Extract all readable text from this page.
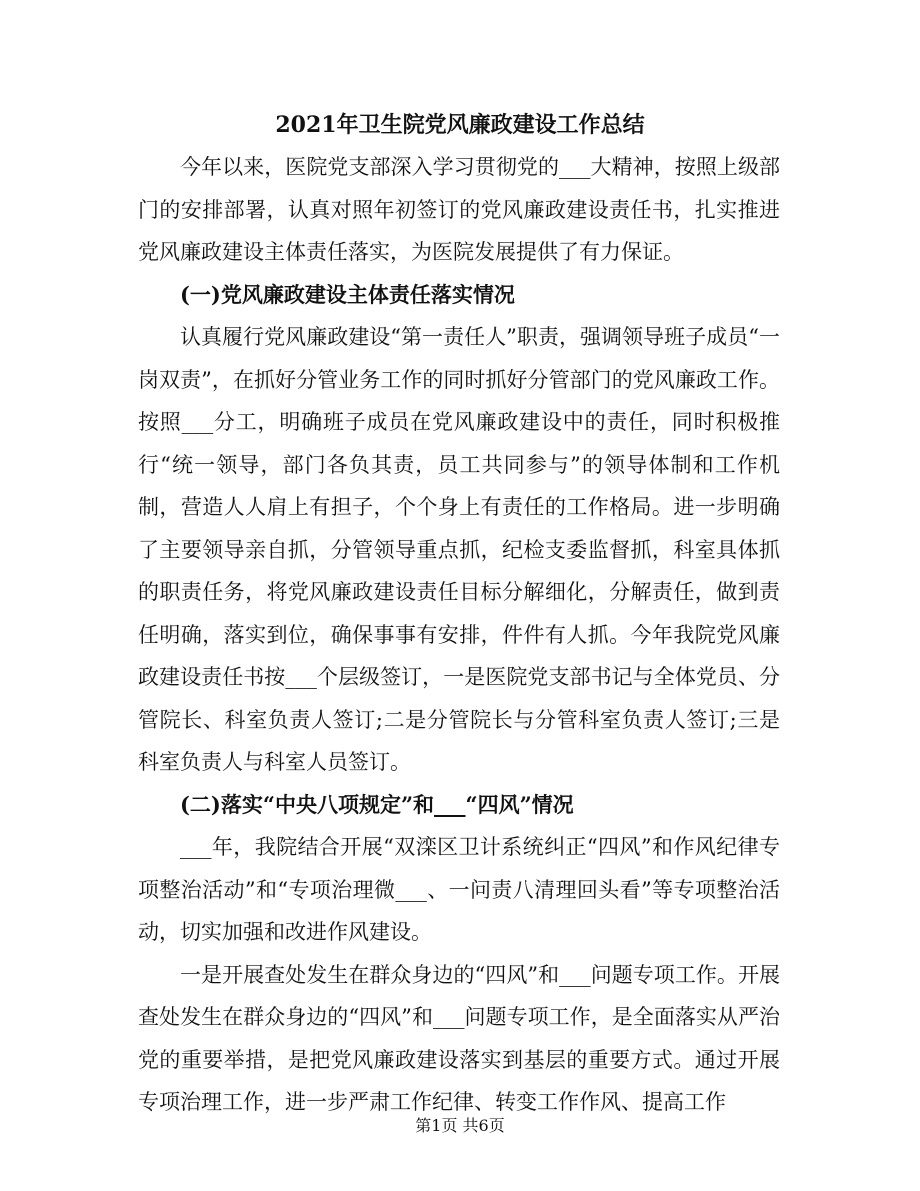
2021年卫生院党风廉政建设工作总结

今年以来，医院党支部深入学习贯彻党的___大精神，按照上级部门的安排部署，认真对照年初签订的党风廉政建设责任书，扎实推进党风廉政建设主体责任落实，为医院发展提供了有力保证。

(一)党风廉政建设主体责任落实情况

认真履行党风廉政建设“第一责任人”职责，强调领导班子成员“一岗双责”，在抓好分管业务工作的同时抓好分管部门的党风廉政工作。按照___分工，明确班子成员在党风廉政建设中的责任，同时积极推行“统一领导，部门各负其责，员工共同参与”的领导体制和工作机制，营造人人肩上有担子，个个身上有责任的工作格局。进一步明确了主要领导亲自抓，分管领导重点抓，纪检支委监督抓，科室具体抓的职责任务，将党风廉政建设责任目标分解细化，分解责任，做到责任明确，落实到位，确保事事有安排，件件有人抓。今年我院党风廉政建设责任书按___个层级签订，一是医院党支部书记与全体党员、分管院长、科室负责人签订;二是分管院长与分管科室负责人签订;三是科室负责人与科室人员签订。

(二)落实“中央八项规定”和___“四风”情况

___年，我院结合开展“双滦区卫计系统纠正“四风”和作风纪律专项整治活动”和“专项治理微___、一问责八清理回头看”等专项整治活动，切实加强和改进作风建设。

一是开展查处发生在群众身边的“四风”和___问题专项工作。开展查处发生在群众身边的“四风”和___问题专项工作，是全面落实从严治党的重要举措，是把党风廉政建设落实到基层的重要方式。通过开展专项治理工作，进一步严肃工作纪律、转变工作作风、提高工作

第1页 共6页
